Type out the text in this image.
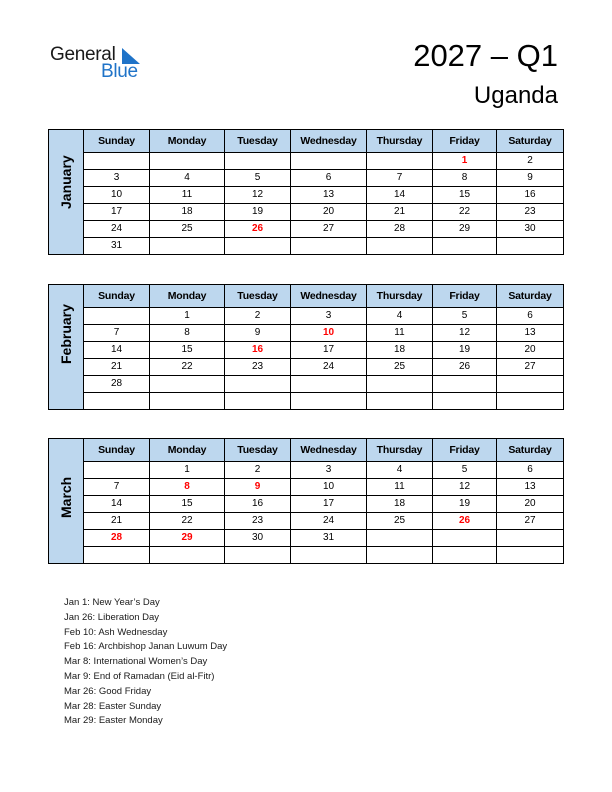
General
Blue	2027 – Q1
Uganda
January	Sunday	Monday	Tuesday	Wednesday	Thursday	Friday	Saturday
						1	2
	3	4	5	6	7	8	9
	10	11	12	13	14	15	16
	17	18	19	20	21	22	23
	24	25	26	27	28	29	30
	31						
February	Sunday	Monday	Tuesday	Wednesday	Thursday	Friday	Saturday
		1	2	3	4	5	6
	7	8	9	10	11	12	13
	14	15	16	17	18	19	20
	21	22	23	24	25	26	27
	28						

March	Sunday	Monday	Tuesday	Wednesday	Thursday	Friday	Saturday
		1	2	3	4	5	6
	7	8	9	10	11	12	13
	14	15	16	17	18	19	20
	21	22	23	24	25	26	27
	28	29	30	31			

Jan 1: New Year’s Day
Jan 26: Liberation Day
Feb 10: Ash Wednesday
Feb 16: Archbishop Janan Luwum Day
Mar 8: International Women’s Day
Mar 9: End of Ramadan (Eid al-Fitr)
Mar 26: Good Friday
Mar 28: Easter Sunday
Mar 29: Easter Monday
